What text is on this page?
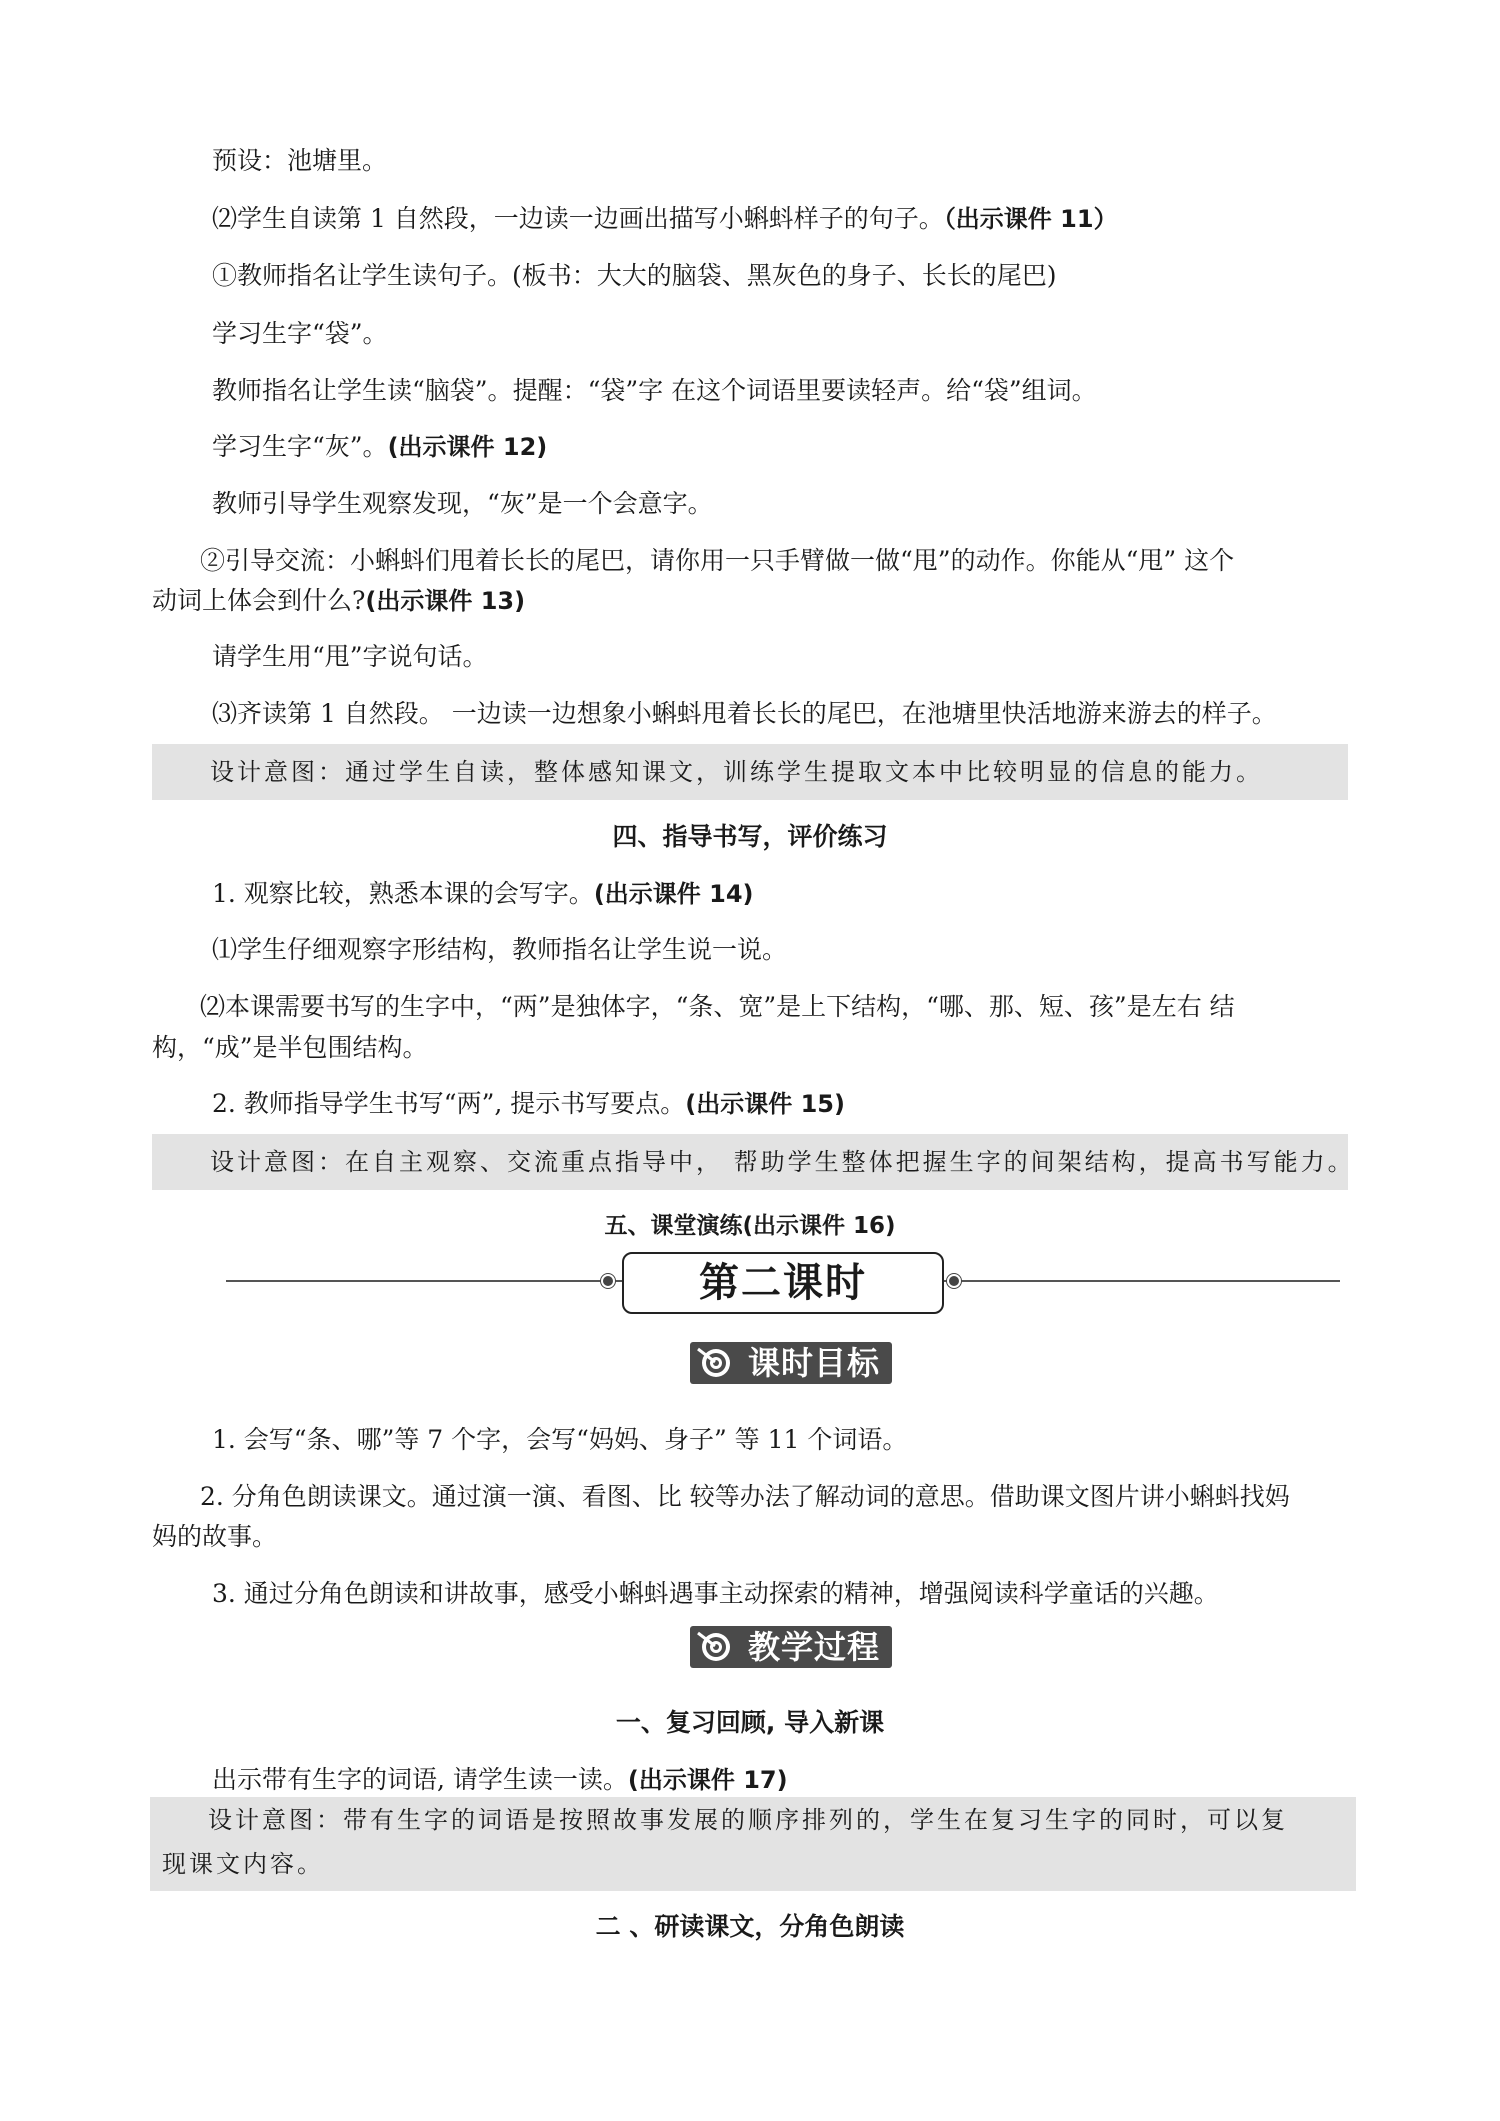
预设：池塘里。
⑵学生自读第 1 自然段，一边读一边画出描写小蝌蚪样子的句子。（出示课件 11）
①教师指名让学生读句子。(板书：大大的脑袋、黑灰色的身子、长长的尾巴)
学习生字“袋”。
教师指名让学生读“脑袋”。提醒：“袋”字 在这个词语里要读轻声。给“袋”组词。
学习生字“灰”。(出示课件 12)
教师引导学生观察发现，“灰”是一个会意字。
②引导交流：小蝌蚪们甩着长长的尾巴，请你用一只手臂做一做“甩”的动作。你能从“甩” 这个
动词上体会到什么?(出示课件 13)
请学生用“甩”字说句话。
⑶齐读第 1 自然段。 一边读一边想象小蝌蚪甩着长长的尾巴，在池塘里快活地游来游去的样子。
设计意图：通过学生自读，整体感知课文，训练学生提取文本中比较明显的信息的能力。
四、指导书写，评价练习
1. 观察比较，熟悉本课的会写字。(出示课件 14)
⑴学生仔细观察字形结构，教师指名让学生说一说。
⑵本课需要书写的生字中，“两”是独体字，“条、宽”是上下结构，“哪、那、短、孩”是左右 结
构，“成”是半包围结构。
2. 教师指导学生书写“两”, 提示书写要点。(出示课件 15)
设计意图：在自主观察、交流重点指导中， 帮助学生整体把握生字的间架结构，提高书写能力。
五、课堂演练(出示课件 16)
第二课时
课时目标
1. 会写“条、哪”等 7 个字，会写“妈妈、身子” 等 11 个词语。
2. 分角色朗读课文。通过演一演、看图、比 较等办法了解动词的意思。借助课文图片讲小蝌蚪找妈
妈的故事。
3. 通过分角色朗读和讲故事，感受小蝌蚪遇事主动探索的精神，增强阅读科学童话的兴趣。
教学过程
一、复习回顾, 导入新课
出示带有生字的词语, 请学生读一读。(出示课件 17)
设计意图：带有生字的词语是按照故事发展的顺序排列的，学生在复习生字的同时，可以复
现课文内容。
二 、研读课文，分角色朗读
